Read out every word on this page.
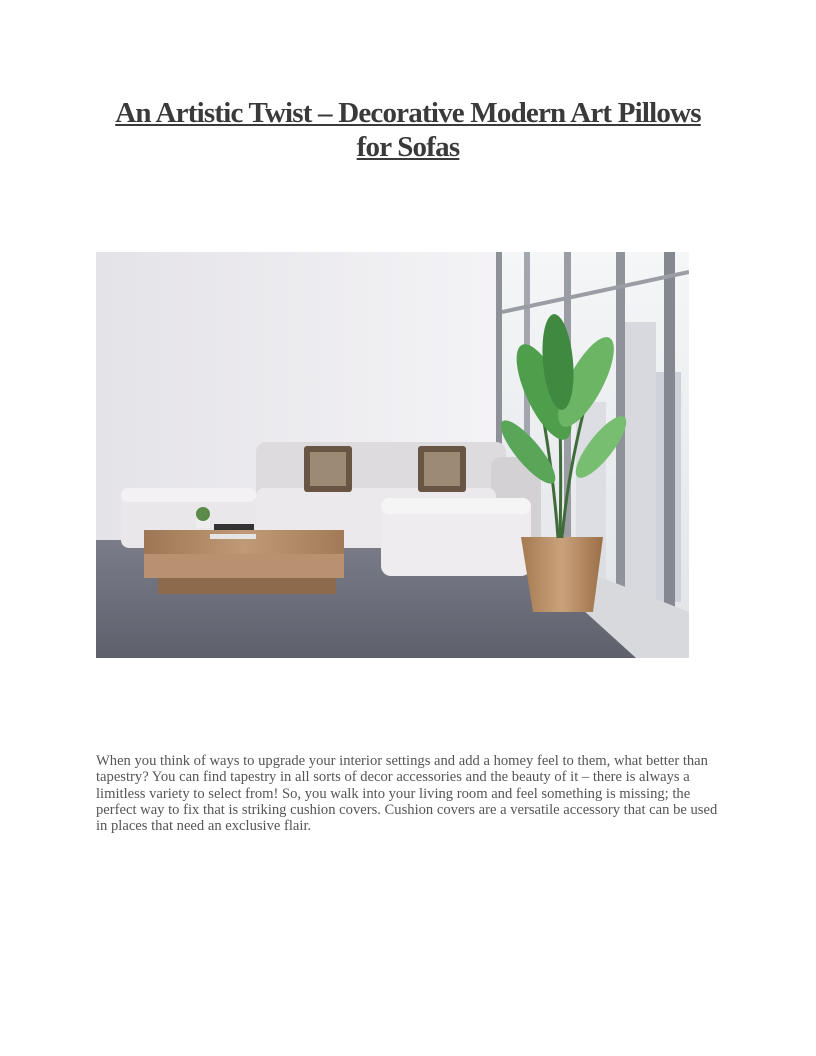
An Artistic Twist – Decorative Modern Art Pillows for Sofas
When you think of ways to upgrade your interior settings and add a homey feel to them, what better than tapestry? You can find tapestry in all sorts of decor accessories and the beauty of it – there is always a limitless variety to select from! So, you walk into your living room and feel something is missing; the perfect way to fix that is striking cushion covers. Cushion covers are a versatile accessory that can be used in places that need an exclusive flair.
